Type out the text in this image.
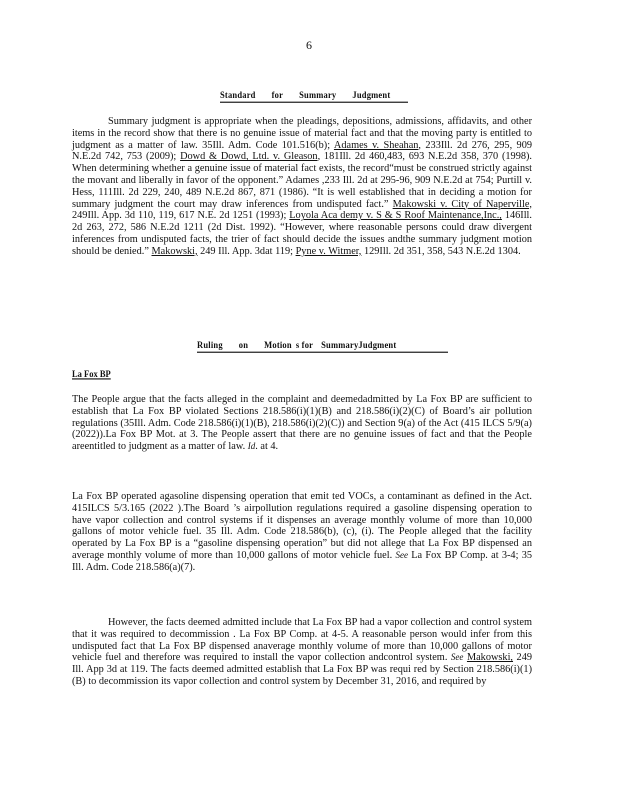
6
Standard for Summary Judgment

Summary judgment is appropriate when the pleadings, depositions, admissions, affidavits, and other items in the record show that there is no genuine issue of material fact and that the moving party is entitled to judgment as a matter of law. 35Ill. Adm. Code 101.516(b); Adames v. Sheahan, 233Ill. 2d 276, 295, 909 N.E.2d 742, 753 (2009); Dowd & Dowd, Ltd. v. Gleason, 181Ill. 2d 460,483, 693 N.E.2d 358, 370 (1998). When determining whether a genuine issue of material fact exists, the record“must be construed strictly against the movant and liberally in favor of the opponent.” Adames ,233 Ill. 2d at 295-96, 909 N.E.2d at 754; Purtill v. Hess, 111Ill. 2d 229, 240, 489 N.E.2d 867, 871 (1986). “It is well established that in deciding a motion for summary judgment the court may draw inferences from undisputed fact.” Makowski v. City of Naperville, 249Ill. App. 3d 110, 119, 617 N.E. 2d 1251 (1993); Loyola Aca demy v. S & S Roof Maintenance,Inc., 146Ill. 2d 263, 272, 586 N.E.2d 1211 (2d Dist. 1992). “However, where reasonable persons could draw divergent inferences from undisputed facts, the trier of fact should decide the issues andthe summary judgment motion should be denied.” Makowski, 249 Ill. App. 3dat 119; Pyne v. Witmer, 129Ill. 2d 351, 358, 543 N.E.2d 1304.

Ruling on Motion s for SummaryJudgment
La Fox BP

The People argue that the facts alleged in the complaint and deemedadmitted by La Fox BP are sufficient to establish that La Fox BP violated Sections 218.586(i)(1)(B) and 218.586(i)(2)(C) of Board’s air pollution regulations (35Ill. Adm. Code 218.586(i)(1)(B), 218.586(i)(2)(C)) and Section 9(a) of the Act (415 ILCS 5/9(a) (2022)).La Fox BP Mot. at 3. The People assert that there are no genuine issues of fact and that the People areentitled to judgment as a matter of law. Id. at 4.

La Fox BP operated agasoline dispensing operation that emit ted VOCs, a contaminant as defined in the Act. 415ILCS 5/3.165 (2022 ).The Board ’s airpollution regulations required a gasoline dispensing operation to have vapor collection and control systems if it dispenses an average monthly volume of more than 10,000 gallons of motor vehicle fuel. 35 Ill. Adm. Code 218.586(b), (c), (i). The People alleged that the facility operated by La Fox BP is a “gasoline dispensing operation” but did not allege that La Fox BP dispensed an average monthly volume of more than 10,000 gallons of motor vehicle fuel. See La Fox BP Comp. at 3-4; 35 Ill. Adm. Code 218.586(a)(7).

However, the facts deemed admitted include that La Fox BP had a vapor collection and control system that it was required to decommission . La Fox BP Comp. at 4-5. A reasonable person would infer from this undisputed fact that La Fox BP dispensed anaverage monthly volume of more than 10,000 gallons of motor vehicle fuel and therefore was required to install the vapor collection andcontrol system. See Makowski, 249 Ill. App 3d at 119. The facts deemed admitted establish that La Fox BP was requi red by Section 218.586(i)(1)(B) to decommission its vapor collection and control system by December 31, 2016, and required by
